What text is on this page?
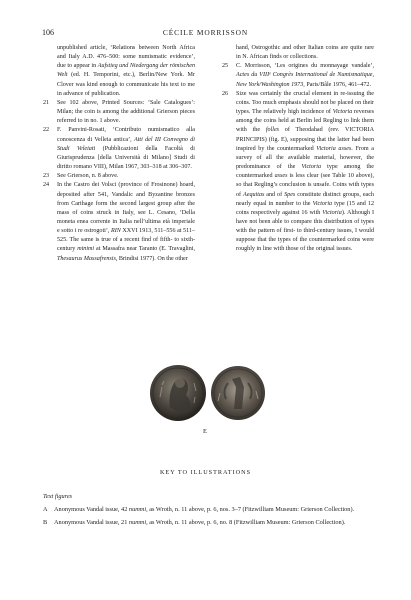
106	CÉCILE MORRISSON
unpublished article, ‘Relations between North Africa and Italy A.D. 476–500: some numismatic evidence’, due to appear in Aufstieg und Niedergang der römischen Welt (ed. H. Temporini, etc.), Berlin/New York. Mr Clover was kind enough to communicate his text to me in advance of publication.
21 See 102 above, Printed Sources: ‘Sale Catalogues’: Milan; the coin is among the additional Grierson pieces referred to in no. 1 above.
22 F. Panvini-Rosati, ‘Contributo numismatico alla conoscenza di Velleia antica’, Atti del III Convegno di Studi Veleiati (Pubblicazioni della Facoltà di Giurisprudenza [della Università di Milano] Studi di diritto romano VIII), Milan 1967, 303–318 at 306–307.
23 See Grierson, n. 8 above.
24 In the Castro dei Volsci (province of Frosinone) hoard, deposited after 541, Vandalic and Byzantine bronzes from Carthage form the second largest group after the mass of coins struck in Italy, see L. Cesano, ‘Della moneta enea corrente in Italia nell’ultima età imperiale e sotto i re ostrogoti’, RIN XXVI 1913, 511–556 at 511–525. The same is true of a recent find of fifth- to sixth-century minimi at Massafra near Taranto (E. Travaglini, Thesaurus Massafrensis, Brindisi 1977). On the other
hand, Ostrogothic and other Italian coins are quite rare in N. African finds or collections.
25 C. Morrisson, ‘Les origines du monnayage vandale’, Actes du VIIIᵉ Congrès International de Numismatique, New York/Washington 1973, Paris/Bâle 1976, 461–472.
26 Size was certainly the crucial element in re-issuing the coins. Too much emphasis should not be placed on their types. The relatively high incidence of Victoria reverses among the coins held at Berlin led Regling to link them with the folles of Theodahad (rev. VICTORIA PRINCIPIS) (fig. E), supposing that the latter had been inspired by the countermarked Victoria asses. From a survey of all the available material, however, the predominance of the Victoria type among the countermarked asses is less clear (see Table 10 above), so that Regling’s conclusion is unsafe. Coins with types of Aequitas and of Spes constitute distinct groups, each nearly equal in number to the Victoria type (15 and 12 coins respectively against 16 with Victoria). Although I have not been able to compare this distribution of types with the pattern of first- to third-century issues, I would suppose that the types of the countermarked coins were roughly in line with those of the original issues.
E
KEY TO ILLUSTRATIONS
Text figures
A Anonymous Vandal issue, 42 nummi, as Wroth, n. 11 above, p. 6, nos. 3–7 (Fitzwilliam Museum: Grierson Collection).
B Anonymous Vandal issue, 21 nummi, as Wroth, n. 11 above, p. 6, no. 8 (Fitzwilliam Museum: Grierson Collection).
